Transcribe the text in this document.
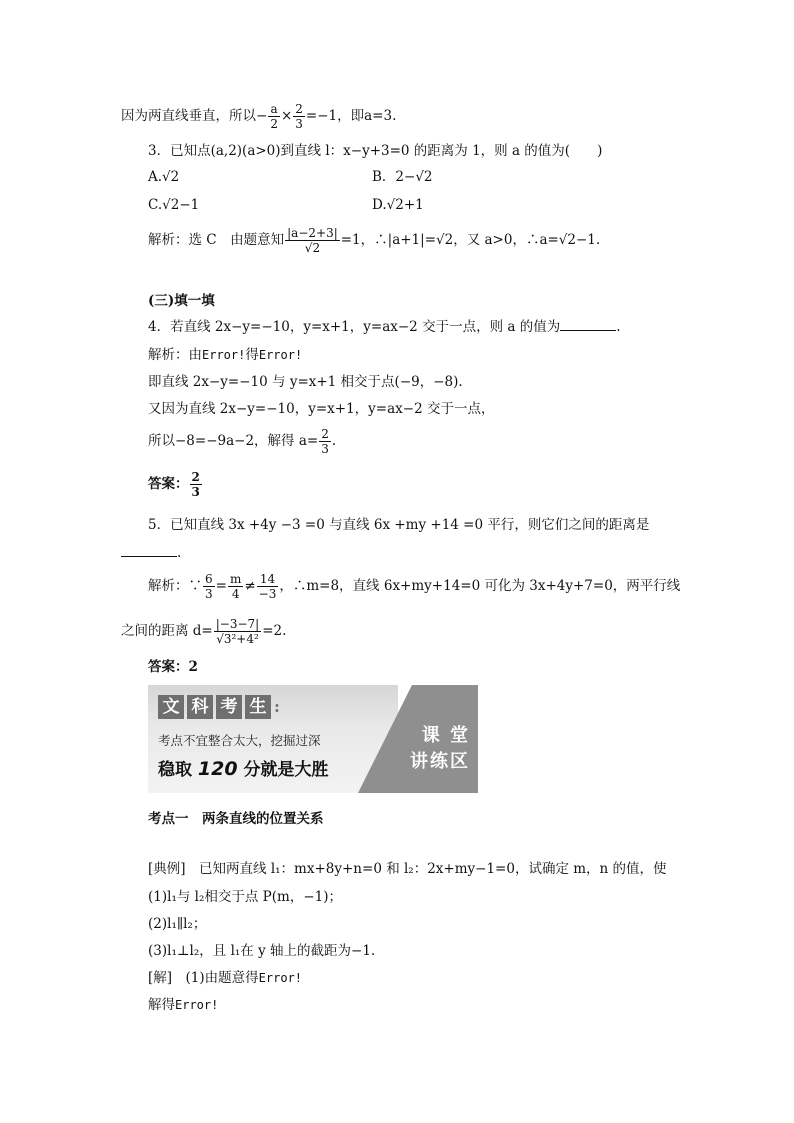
因为两直线垂直，所以− $\frac{a}{2} \times \frac{2}{3} =-1$，即a=3.
3．已知点(a,2)(a>0)到直线 l：x−y+3=0 的距离为 1，则 a 的值为(　　)
A.√2	B．2−√2
C.√2−1	D.√2+1
解析：选 C　由题意知 $\frac{|a-2+3|}{√2} =1$，∴|a+1|=√2，又 a>0，∴a=√2−1.
(三)填一填
4．若直线 2x−y=−10，y=x+1，y=ax−2 交于一点，则 a 的值为	.
解析：由Error!得Error!
即直线 2x−y=−10 与 y=x+1 相交于点(−9，−8).
又因为直线 2x−y=−10，y=x+1，y=ax−2 交于一点，
所以−8=−9a−2，解得 $a= \frac{2}{3}$ .
答案： $\frac{2}{3}$
5．已知直线 3x +4y −3 =0 与直线 6x +my +14 =0 平行，则它们之间的距离是
.
解析：∵ $\frac{6}{3} = \frac{m}{4} \ne \frac{14}{-3}$ ，∴m=8，直线 6x+my+14=0 可化为 3x+4y+7=0，两平行线
之间的距离 $d= \frac{|-3-7|}{\text{√3²+4²}} =2$.
答案：2
文 科 考 生 :
考点不宜整合太大，挖掘过深
稳取 120 分就是大胜
课 堂
讲练区
考点一　两条直线的位置关系
[典例]　已知两直线 l₁：mx+8y+n=0 和 l₂：2x+my−1=0，试确定 m，n 的值，使
(1)l₁与 l₂相交于点 P(m，−1)；
(2)l₁∥l₂；
(3)l₁⊥l₂，且 l₁在 y 轴上的截距为−1.
[解]　(1)由题意得Error!
解得Error!
